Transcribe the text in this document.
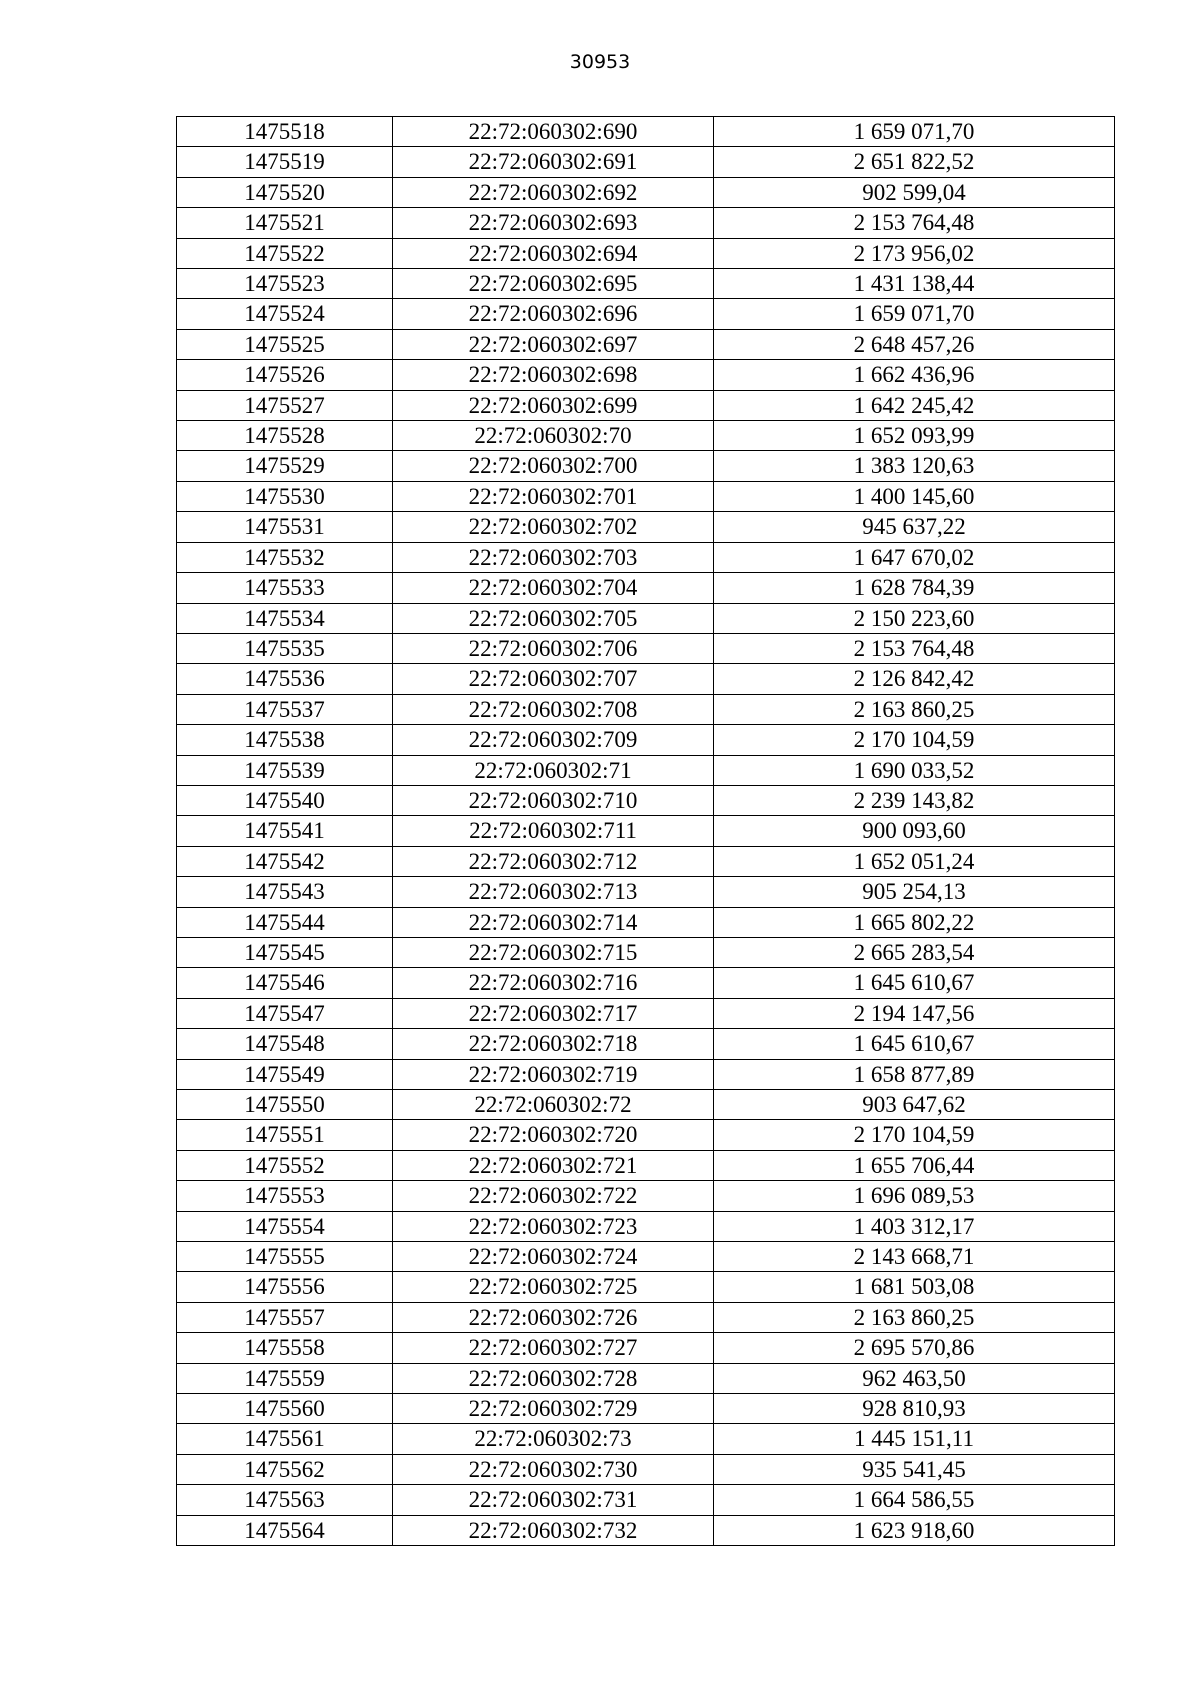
30953
1475518	22:72:060302:690	1 659 071,70
1475519	22:72:060302:691	2 651 822,52
1475520	22:72:060302:692	902 599,04
1475521	22:72:060302:693	2 153 764,48
1475522	22:72:060302:694	2 173 956,02
1475523	22:72:060302:695	1 431 138,44
1475524	22:72:060302:696	1 659 071,70
1475525	22:72:060302:697	2 648 457,26
1475526	22:72:060302:698	1 662 436,96
1475527	22:72:060302:699	1 642 245,42
1475528	22:72:060302:70	1 652 093,99
1475529	22:72:060302:700	1 383 120,63
1475530	22:72:060302:701	1 400 145,60
1475531	22:72:060302:702	945 637,22
1475532	22:72:060302:703	1 647 670,02
1475533	22:72:060302:704	1 628 784,39
1475534	22:72:060302:705	2 150 223,60
1475535	22:72:060302:706	2 153 764,48
1475536	22:72:060302:707	2 126 842,42
1475537	22:72:060302:708	2 163 860,25
1475538	22:72:060302:709	2 170 104,59
1475539	22:72:060302:71	1 690 033,52
1475540	22:72:060302:710	2 239 143,82
1475541	22:72:060302:711	900 093,60
1475542	22:72:060302:712	1 652 051,24
1475543	22:72:060302:713	905 254,13
1475544	22:72:060302:714	1 665 802,22
1475545	22:72:060302:715	2 665 283,54
1475546	22:72:060302:716	1 645 610,67
1475547	22:72:060302:717	2 194 147,56
1475548	22:72:060302:718	1 645 610,67
1475549	22:72:060302:719	1 658 877,89
1475550	22:72:060302:72	903 647,62
1475551	22:72:060302:720	2 170 104,59
1475552	22:72:060302:721	1 655 706,44
1475553	22:72:060302:722	1 696 089,53
1475554	22:72:060302:723	1 403 312,17
1475555	22:72:060302:724	2 143 668,71
1475556	22:72:060302:725	1 681 503,08
1475557	22:72:060302:726	2 163 860,25
1475558	22:72:060302:727	2 695 570,86
1475559	22:72:060302:728	962 463,50
1475560	22:72:060302:729	928 810,93
1475561	22:72:060302:73	1 445 151,11
1475562	22:72:060302:730	935 541,45
1475563	22:72:060302:731	1 664 586,55
1475564	22:72:060302:732	1 623 918,60
